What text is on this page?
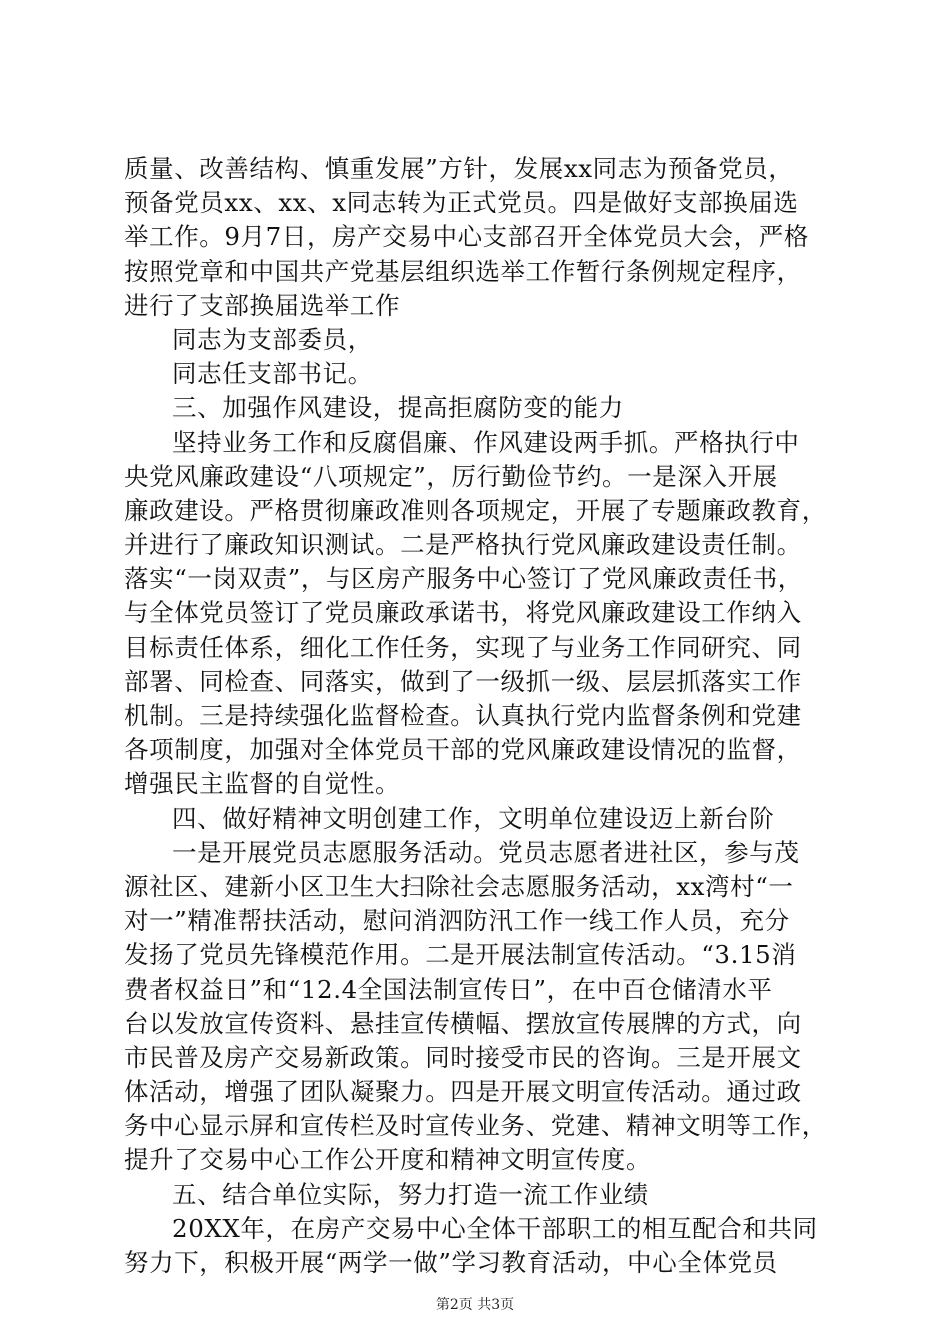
质量、改善结构、慎重发展”方针，发展xx同志为预备党员，
预备党员xx、xx、x同志转为正式党员。四是做好支部换届选
举工作。9月7日，房产交易中心支部召开全体党员大会，严格
按照党章和中国共产党基层组织选举工作暂行条例规定程序，
进行了支部换届选举工作
同志为支部委员，
同志任支部书记。
三、加强作风建设，提高拒腐防变的能力
坚持业务工作和反腐倡廉、作风建设两手抓。严格执行中
央党风廉政建设“八项规定”，厉行勤俭节约。一是深入开展
廉政建设。严格贯彻廉政准则各项规定，开展了专题廉政教育，
并进行了廉政知识测试。二是严格执行党风廉政建设责任制。
落实“一岗双责”，与区房产服务中心签订了党风廉政责任书，
与全体党员签订了党员廉政承诺书，将党风廉政建设工作纳入
目标责任体系，细化工作任务，实现了与业务工作同研究、同
部署、同检查、同落实，做到了一级抓一级、层层抓落实工作
机制。三是持续强化监督检查。认真执行党内监督条例和党建
各项制度，加强对全体党员干部的党风廉政建设情况的监督，
增强民主监督的自觉性。
四、做好精神文明创建工作，文明单位建设迈上新台阶
一是开展党员志愿服务活动。党员志愿者进社区，参与茂
源社区、建新小区卫生大扫除社会志愿服务活动，xx湾村“一
对一”精准帮扶活动，慰问消泗防汛工作一线工作人员，充分
发扬了党员先锋模范作用。二是开展法制宣传活动。“3.15消
费者权益日”和“12.4全国法制宣传日”，在中百仓储清水平
台以发放宣传资料、悬挂宣传横幅、摆放宣传展牌的方式，向
市民普及房产交易新政策。同时接受市民的咨询。三是开展文
体活动，增强了团队凝聚力。四是开展文明宣传活动。通过政
务中心显示屏和宣传栏及时宣传业务、党建、精神文明等工作，
提升了交易中心工作公开度和精神文明宣传度。
五、结合单位实际，努力打造一流工作业绩
20XX年，在房产交易中心全体干部职工的相互配合和共同
努力下，积极开展“两学一做”学习教育活动，中心全体党员
第2页 共3页
